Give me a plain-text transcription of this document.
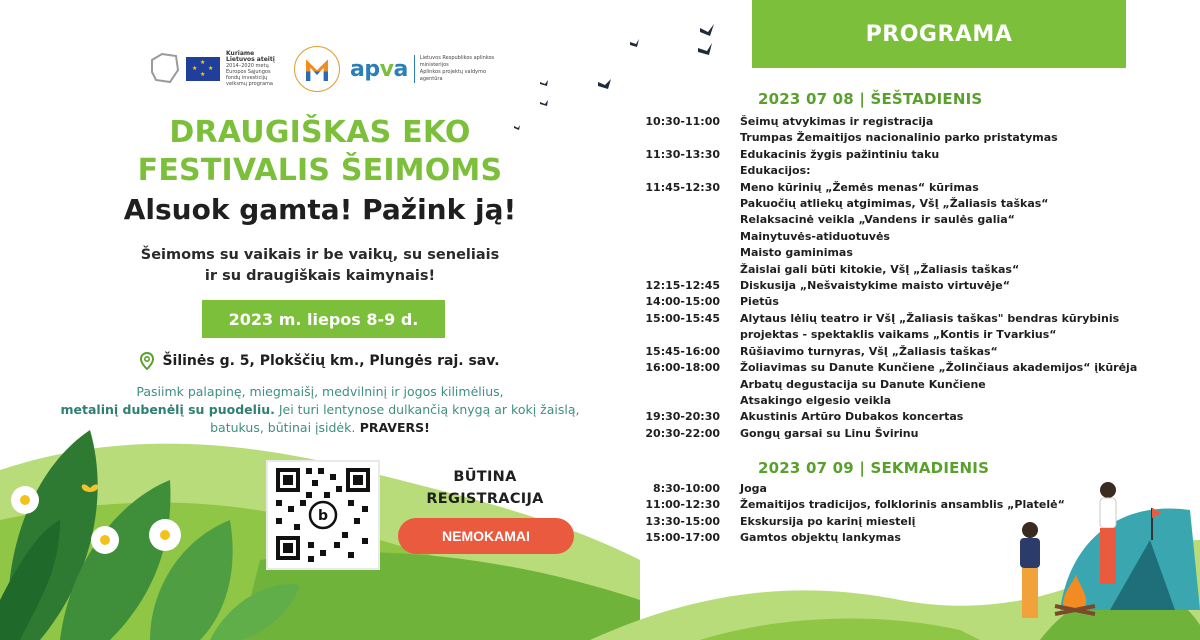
★
★ ★
★
Kuriame Lietuvos ateitį
2014–2020 metų Europos Sąjungos fondų investicijų veiksmų programa
apva Lietuvos Respublikos aplinkos ministerijos
Aplinkos projektų valdymo agentūra
DRAUGIŠKAS EKO
FESTIVALIS ŠEIMOMS
Alsuok gamta! Pažink ją!
Šeimoms su vaikais ir be vaikų, su seneliais
ir su draugiškais kaimynais!
2023 m. liepos 8-9 d.
Šilinės g. 5, Plokščių km., Plungės raj. sav.
Pasiimk palapinę, miegmaišį, medvilninį ir jogos kilimėlius,
metalinį dubenėlį su puodeliu. Jei turi lentynose dulkančią knygą ar kokį žaislą,
batukus, būtinai įsidėk. PRAVERS!
b
BŪTINA
REGISTRACIJA
NEMOKAMAI
PROGRAMA
2023 07 08 | ŠEŠTADIENIS
10:30-11:00	Šeimų atvykimas ir registracija
Trumpas Žemaitijos nacionalinio parko pristatymas
11:30-13:30	Edukacinis žygis pažintiniu taku
Edukacijos:
11:45-12:30	Meno kūrinių „Žemės menas“ kūrimas
Pakuočių atliekų atgimimas, VšĮ „Žaliasis taškas“
Relaksacinė veikla „Vandens ir saulės galia“
Mainytuvės-atiduotuvės
Maisto gaminimas
Žaislai gali būti kitokie, VšĮ „Žaliasis taškas“
12:15-12:45	Diskusija „Nešvaistykime maisto virtuvėje“
14:00-15:00	Pietūs
15:00-15:45	Alytaus lėlių teatro ir VšĮ „Žaliasis taškas" bendras kūrybinis
projektas - spektaklis vaikams „Kontis ir Tvarkius“
15:45-16:00	Rūšiavimo turnyras, VšĮ „Žaliasis taškas“
16:00-18:00	Žoliavimas su Danute Kunčiene „Žolinčiaus akademijos“ įkūrėja
Arbatų degustacija su Danute Kunčiene
Atsakingo elgesio veikla
19:30-20:30	Akustinis Artūro Dubakos koncertas
20:30-22:00	Gongų garsai su Linu Švirinu
2023 07 09 | SEKMADIENIS
8:30-10:00	Joga
11:00-12:30	Žemaitijos tradicijos, folklorinis ansamblis „Platelė“
13:30-15:00	Ekskursija po karinį miestelį
15:00-17:00	Gamtos objektų lankymas
